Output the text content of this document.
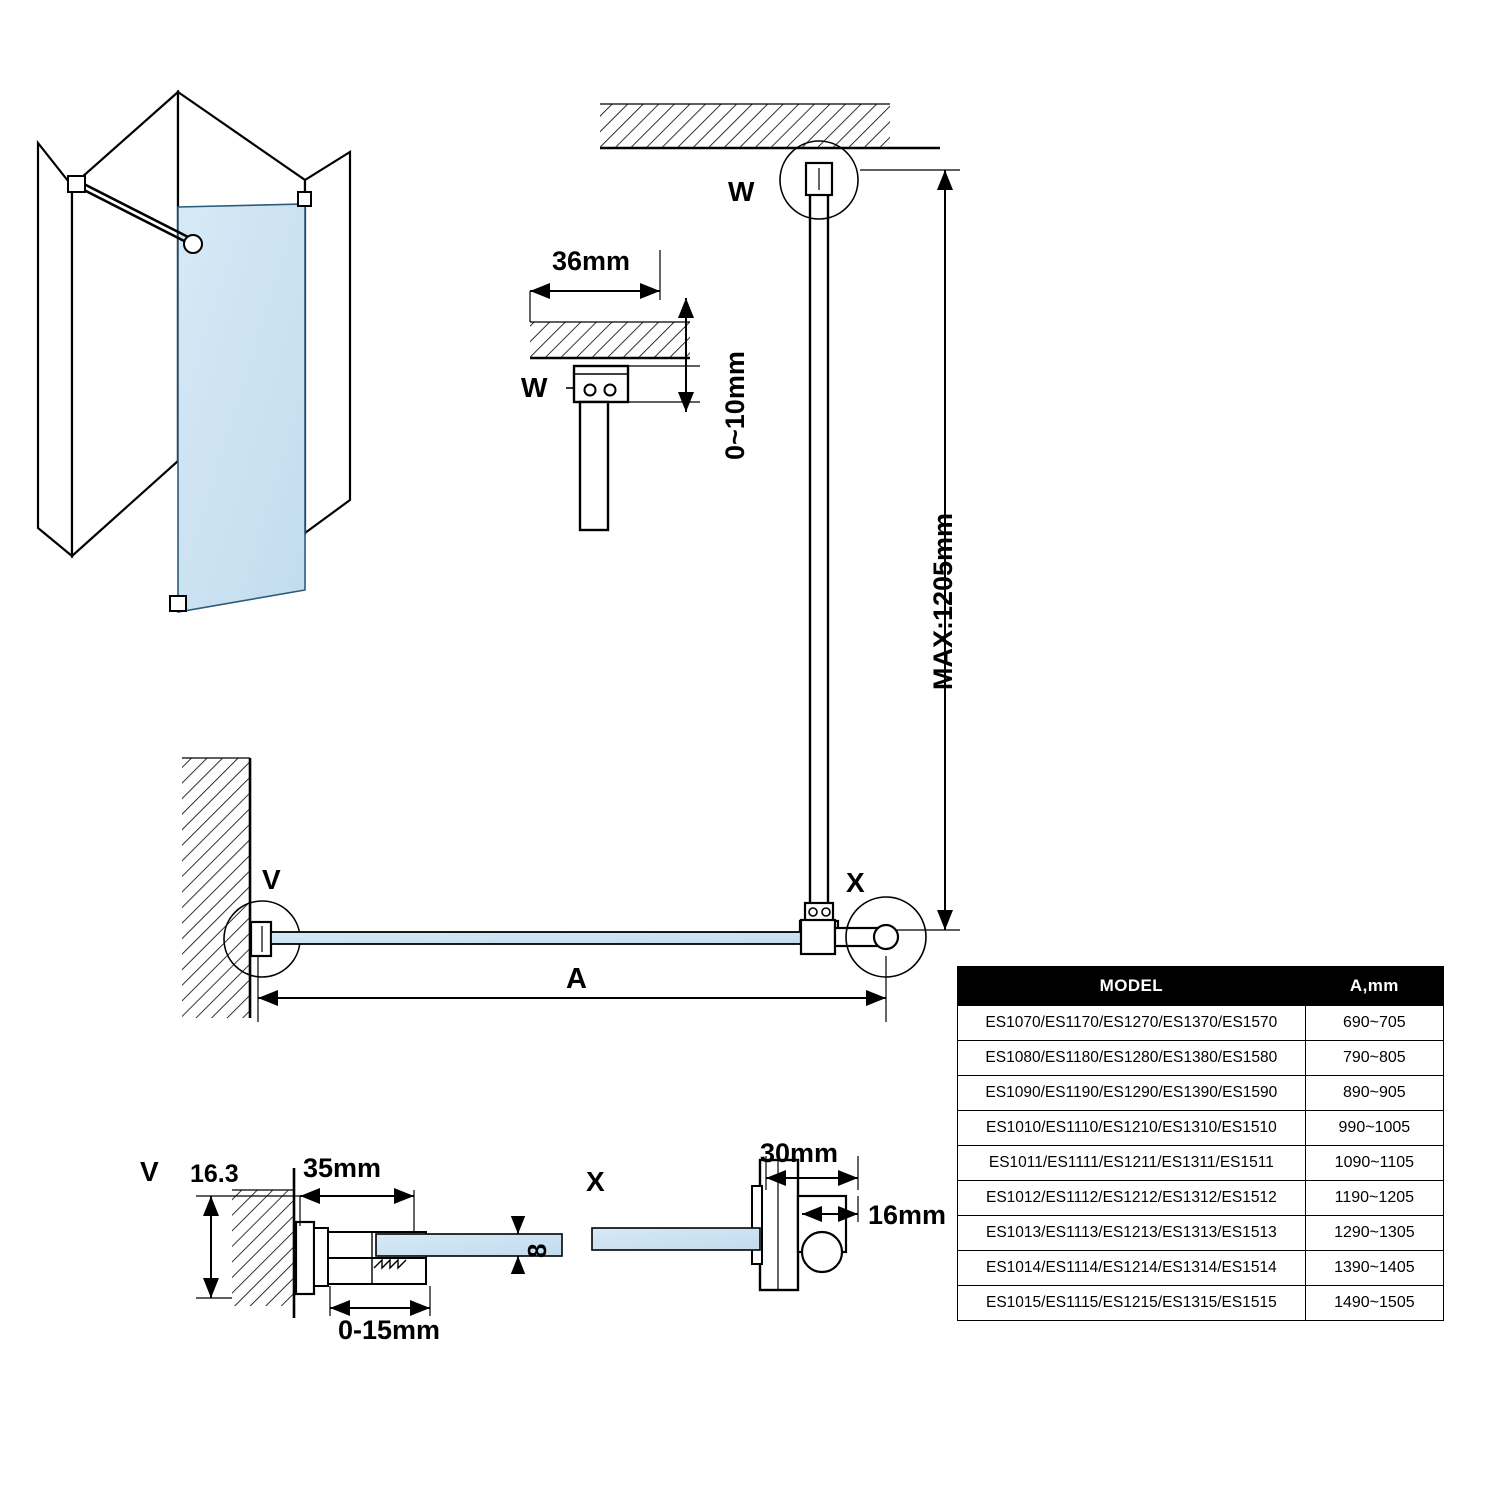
36mm
W	0~10mm
W
MAX:1205mm
V	X
A
V 16.3 35mm
8
0-15mm
X
30mm
16mm
MODEL	A,mm
ES1070/ES1170/ES1270/ES1370/ES1570	690~705
ES1080/ES1180/ES1280/ES1380/ES1580	790~805
ES1090/ES1190/ES1290/ES1390/ES1590	890~905
ES1010/ES1110/ES1210/ES1310/ES1510	990~1005
ES1011/ES1111/ES1211/ES1311/ES1511	1090~1105
ES1012/ES1112/ES1212/ES1312/ES1512	1190~1205
ES1013/ES1113/ES1213/ES1313/ES1513	1290~1305
ES1014/ES1114/ES1214/ES1314/ES1514	1390~1405
ES1015/ES1115/ES1215/ES1315/ES1515	1490~1505
